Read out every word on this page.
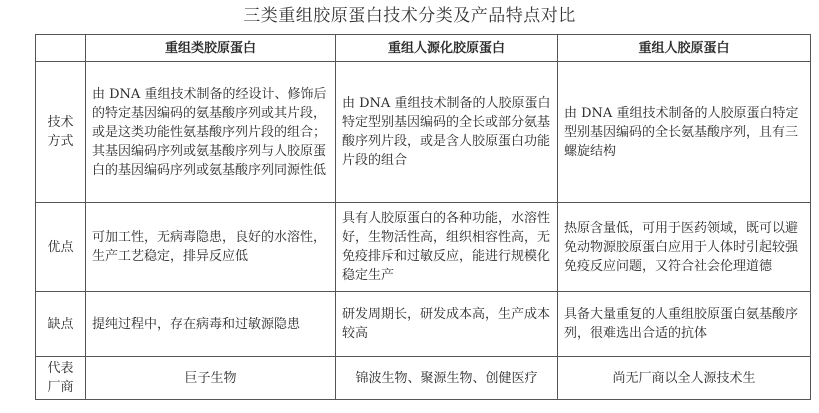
三类重组胶原蛋白技术分类及产品特点对比
	重组类胶原蛋白	重组人源化胶原蛋白	重组人胶原蛋白

技术
方式	由 DNA 重组技术制备的经设计、修饰后的特定基因编码的氨基酸序列或其片段，或是这类功能性氨基酸序列片段的组合；其基因编码序列或氨基酸序列与人胶原蛋白的基因编码序列或氨基酸序列同源性低	由 DNA 重组技术制备的人胶原蛋白特定型别基因编码的全长或部分氨基酸序列片段，或是含人胶原蛋白功能片段的组合	由 DNA 重组技术制备的人胶原蛋白特定型别基因编码的全长氨基酸序列，且有三螺旋结构
优点	可加工性，无病毒隐患，良好的水溶性，生产工艺稳定，排异反应低	具有人胶原蛋白的各种功能，水溶性好，生物活性高，组织相容性高，无免疫排斥和过敏反应，能进行规模化稳定生产	热原含量低，可用于医药领域，既可以避免动物源胶原蛋白应用于人体时引起较强免疫反应问题，又符合社会伦理道德
缺点	提纯过程中，存在病毒和过敏源隐患	研发周期长，研发成本高，生产成本较高	具备大量重复的人重组胶原蛋白氨基酸序列，很难选出合适的抗体

代表
厂商	巨子生物	锦波生物、聚源生物、创健医疗	尚无厂商以全人源技术生
